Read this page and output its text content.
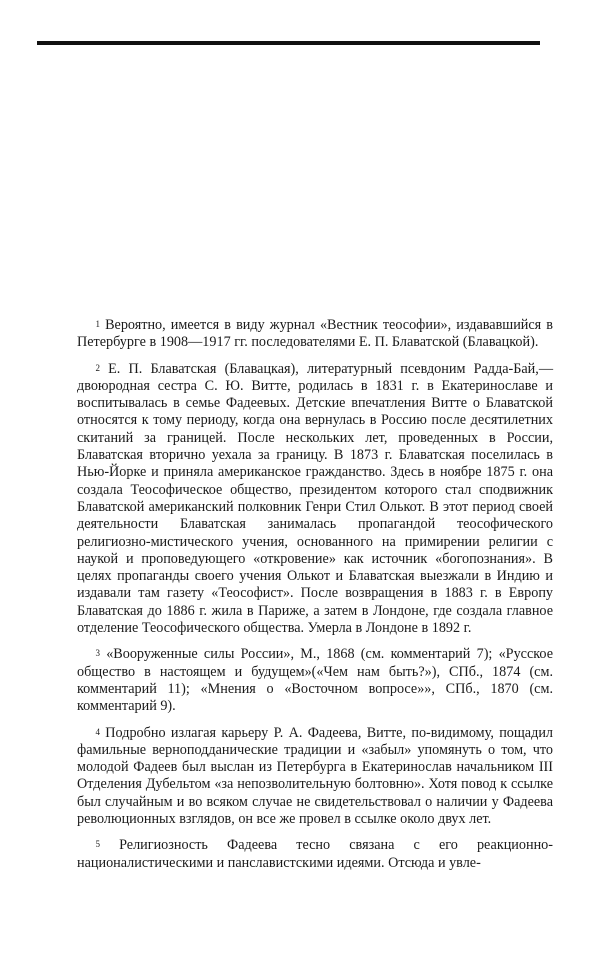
$^1$ Вероятно, имеется в виду журнал «Вестник теософии», издававшийся в Петербурге в 1908—1917 гг. последователями Е. П. Блаватской (Блавацкой).

$^2$ Е. П. Блаватская (Блавацкая), литературный псевдоним Радда-Бай,— двоюродная сестра С. Ю. Витте, родилась в 1831 г. в Екатеринославе и воспитывалась в семье Фадеевых. Детские впечатления Витте о Блаватской относятся к тому периоду, когда она вернулась в Россию после десятилетних скитаний за границей. После нескольких лет, проведенных в России, Блаватская вторично уехала за границу. В 1873 г. Блаватская поселилась в Нью-Йорке и приняла американское гражданство. Здесь в ноябре 1875 г. она создала Теософическое общество, президентом которого стал сподвижник Блаватской американский полковник Генри Стил Олькот. В этот период своей деятельности Блаватская занималась пропагандой теософического религиозно-мистического учения, основанного на примирении религии с наукой и проповедующего «откровение» как источник «богопознания». В целях пропаганды своего учения Олькот и Блаватская выезжали в Индию и издавали там газету «Теософист». После возвращения в 1883 г. в Европу Блаватская до 1886 г. жила в Париже, а затем в Лондоне, где создала главное отделение Теософического общества. Умерла в Лондоне в 1892 г.

$^3$ «Вооруженные силы России», М., 1868 (см. комментарий 7); «Русское общество в настоящем и будущем»(«Чем нам быть?»), СПб., 1874 (см. комментарий 11); «Мнения о «Восточном вопросе»», СПб., 1870 (см. комментарий 9).

$^4$ Подробно излагая карьеру Р. А. Фадеева, Витте, по-видимому, пощадил фамильные верноподданические традиции и «забыл» упомянуть о том, что молодой Фадеев был выслан из Петербурга в Екатеринослав начальником III Отделения Дубельтом «за непозволительную болтовню». Хотя повод к ссылке был случайным и во всяком случае не свидетельствовал о наличии у Фадеева революционных взглядов, он все же провел в ссылке около двух лет.

$^5$ Религиозность Фадеева тесно связана с его реакционно-националистическими и панславистскими идеями. Отсюда и увле-
